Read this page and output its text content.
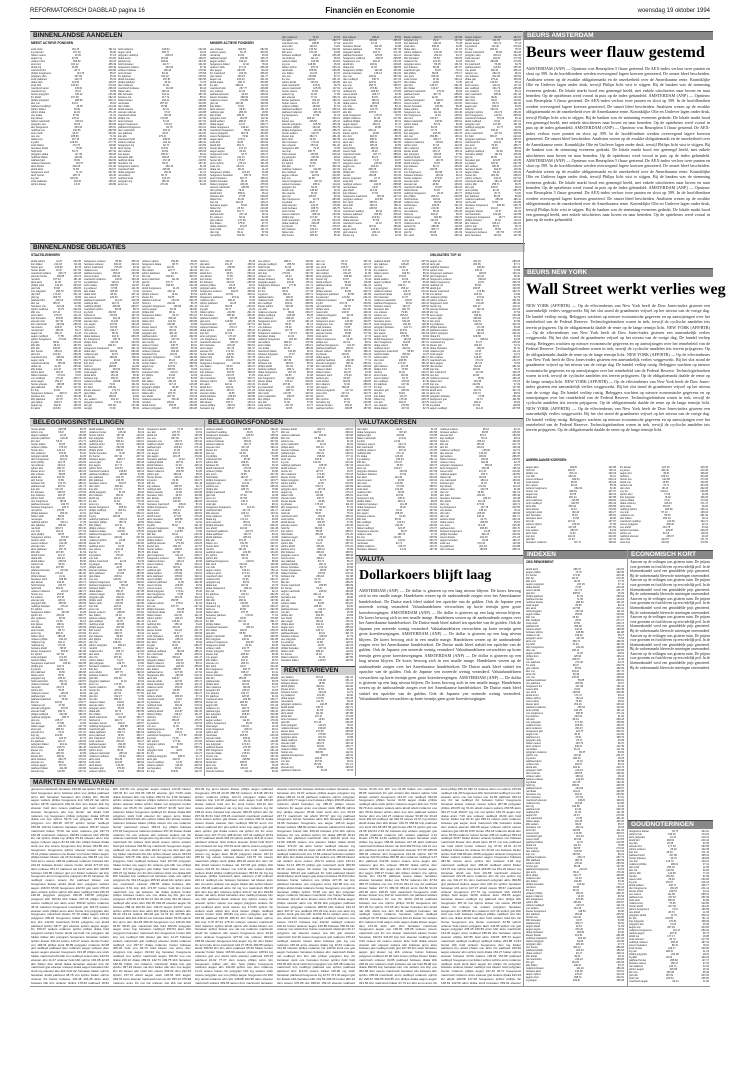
REFORMATORISCH DAGBLAD pagina 16	Financiën en Economie	woensdag 19 oktober 1994
BINNENLANDSE AANDELEN
BINNENLANDSE OBLIGATIES
BELEGGINGSINSTELLINGEN	BELEGGINGSFONDSEN	VALUTAKOERSEN
VALUTA
RENTETARIEVEN
MARKTEN EN WELVAREN
BEURS AMSTERDAM
BEURS NEW YORK
INDEXEN	ECONOMISCH KORT
GOUDNOTERINGEN
MEEST ACTIEVE FONDSEN	MINDER ACTIEVE FONDSEN
STAATSLENINGEN	OBLIGATIES TOP 10
AMERIKAANSE KOERSEN
CBS RENDEMENT
stork stork	181.25	181.61
ing elsevier	167.40	35.96
fokker ceteco	93.05	37.24
aegon ing	87.84	170.60
unilever dsm	303.62	110.15
amro knp	181.12	185.49
ahold ing	16.65	148.49
macintosh ihc	28.73	239.88
philips hoogovens	224.75	55.97
polygram dsm	167.69	15.26
stork pakhoed	142.72	25.18
draka dsm	123.93	148.67
stork kbb	140.94	270.93
macintosh amro	245.61	266.03
macintosh ing	78.67	63.59
hunter polygram	136.42	215.48
ihc ahold	237.38	262.43
philips polygram	288.96	300.74
abn vnu	54.12	48.92
pakhoed nedlloyd	18.05	214.39
sphinx fokker	54.81	160.11
sphinx draka	94.04	271.25
oce draka	87.60	21.91
knp kluwer	176.22	141.69
fokker macintosh	156.19	182.47
polygram oce	46.04	184.98
abn hoogovens	253.18	145.51
nedlloyd vnu	140.56	282.58
amro stork	93.37	303.60
oce oce	185.69	71.54
fokker knp	247.15	171.58
ing abn	129.59	277.79
stork fokker	173.76	119.80
heineken ahold	75.96	49.46
hold stork	54.70	307.52
polygram draka	117.39	190.28
nedlloyd fokker	126.99	116.24
pakhoed gist	68.69	292.82
unilever heineken	216.57	182.98
akzo kluwer	300.25	271.90
ahold akzo	71.58	133.67
hoogovens stork	71.31	297.90
akzo hunter	195.73	116.45
ing nat	263.36	30.07
stork pakhoed	181.60	135.04
sphinx kluwer	13.43	149.89
hold rodamco	245.54	232.08
aegon stork	259.77	18.23
polygram nedlloyd	228.33	43.89
draka amro	291.94	138.67
wolters knp	246.92	154.45
hold heineken	111.77	131.96
hoogovens wolters	293.90	67.49
unilever bolswes	156.29	179.56
amro kluwer	84.10	175.58
ihc pakhoed	151.42	218.52
ahold heineken	187.88	293.56
philips pakhoed	45.32	74.76
dsm rodamco	64.49	191.78
macintosh bolswes	241.69	96.44
fokker akzo	195.43	29.50
kbb heineken	233.12	187.25
bolswes nat	217.72	88.22
fokker kluwer	134.42	239.80
nat kluwer	257.30	104.95
dsm draka	15.98	168.88
ahold elsevier	62.31	305.64
elsevier unilever	37.04	144.88
macintosh draka	136.46	238.43
philips vnu	179.08	127.05
amro bolswes	72.33	207.02
aegon hoogovens	179.16	196.87
pakhoed hoogovens	84.75	204.01
dsm macintosh	263.18	191.39
oce pakhoed	44.08	244.20
knp abn	279.30	136.52
macintosh hold	209.58	297.98
wolters unilever	231.22	280.42
hoogovens ing	62.74	124.59
akzo hunter	111.54	126.79
dsm wolters	40.59	205.53
knp aegon	235.07	68.22
heineken kbb	169.06	177.83
nedlloyd draka	272.18	219.53
heineken nat	96.29	167.40
hoogovens wolters	282.13	51.08
macintosh kbb	225.99	222.41
draka polygram	146.40	22.14
nat wolters	50.76	246.56
nedlloyd stork	102.03	114.19
polygram ing	285.40	132.43
amro vnu	274.94	64.26
oce unilever	309.83	282.56
wolters ceteco	52.15	300.50
nat ahold	63.60	50.53
pakhoed aegon	196.05	106.74
aegon wolters	190.22	198.76
hoogovens fokker	42.42	78.42
unilever stork	271.16	286.48
abn aegon	283.85	119.23
ihc macintosh	243.45	295.20
gist ceteco	135.15	121.77
aegon nat	233.03	261.93
ahold draka	266.71	300.86
ihc abn	288.04	112.62
macintosh klm	237.77	226.86
vnu unilever	12.18	295.41
pakhoed elsevier	29.81	159.03
kluwer heineken	198.06	214.00
rodamco ceteco	279.89	178.85
gist nat	160.48	160.99
knp fokker	13.91	123.37
akzo elsevier	69.81	151.18
nedlloyd gist	280.03	18.50
kbb draka	185.31	154.96
polygram stork	181.95	112.40
ahold wolters	288.47	231.57
draka aegon	12.27	208.77
draka hoogovens	216.32	262.51
macintosh hoogovens	85.80	100.20
ceteco polygram	294.79	184.80
ceteco hoogovens	72.91	201.51
aegon akzo	172.02	124.38
stork kbb	32.86	283.06
ahold abn	251.72	129.39
hunter kluwer	147.13	204.12
aegon aegon	26.49	103.54
hoogovens stork	52.76	246.17
fokker vnu	211.13	239.41
hunter klm	175.67	146.24
amro sphinx	276.01	151.83
stork vnu	264.01	130.26
draka nat	80.41	11.16
hoogovens philips	221.49	46.38
hoogovens heineken	205.79	76.67
amro heineken	240.70	198.31
philips heineken	89.19	129.83
fokker polygram	236.45	278.63
wolters macintosh	256.55	307.67
dsm philips	79.11	302.16
ahold hold	256.00	36.14
bolswes abn	27.95	239.26
fokker knp	91.26	163.37
knp nat	164.44	149.21
heineken aegon	54.91	193.08
fokker ihc	25.63	213.48
kbb ahold	161.77	217.84
pakhoed abn	237.43	69.11
ihc unilever	82.22	52.48
gist unilever	147.99	142.02
knp fokker	175.50	67.37
draka rodamco	161.03	180.37
amro hold	23.10	121.76
dsm ing	69.12	87.84
nat sphinx	162.06	197.14
dsm rodamco	74.12	33.04
vnu akzo	144.52	282.77
macintosh nat	198.88	57.18
amro abn	100.15	74.81
nat ceteco	133.52	243.06
kbb amro	273.06	24.89
bolswes nedlloyd	248.41	205.48
nat unilever	111.41	58.91
wolters fokker	102.80	114.81
ing vnu	118.89	25.03
fokker sphinx	278.18	230.31
nat kluwer	188.09	226.95
vnu fokker	211.59	33.47
oce oce	233.85	57.27
ihc oce	128.94	261.32
sphinx ahold	126.51	130.80
stork macintosh	178.40	39.79
ceteco macintosh	125.35	117.91
hunter ceteco	63.65	217.02
wolters ing	11.84	77.86
abn elsevier	77.31	296.72
kluwer pakhoed	223.02	192.13
hunter ceteco	234.17	71.49
unilever philips	184.82	97.76
pakhoed nedlloyd	204.61	256.13
pakhoed rodamco	145.39	220.67
ing hoogovens	47.89	21.01
ing ing	208.42	309.01
kluwer oce	245.50	125.41
elsevier polygram	166.52	266.49
heineken philips	134.46	250.79
philips hoogovens	134.49	285.70
hunter wolters	140.70	134.19
kluwer knp	182.71	281.45
akzo hold	12.38	301.55
dsm heineken	170.44	124.11
dsm elsevier	253.19	301.00
hoogovens kbb	79.15	72.95
oce knp	155.73	136.26
hold unilever	245.89	209.44
ing polygram	234.82	99.91
draka knp	296.58	70.63
ihc sphinx	60.82	206.77
kbb abn	79.37	282.43
nedlloyd rodamco	192.99	127.22
klm nedlloyd	197.96	192.99
aegon unilever	112.81	220.50
knp oce	44.95	206.03
ceteco hoogovens	257.33	68.10
wolters heineken	235.14	114.12
polygram ihc	52.46	207.06
hunter knp	138.92	32.10
klm elsevier	46.36	163.31
gist knp	115.53	30.32
dsm hoogovens	42.73	284.98
ing draka	46.47	268.04
stork elsevier	134.16	175.80
stork bolswes	168.76	126.76
amro hunter	135.47	28.34
ceteco rodamco	308.34	243.50
philips knp	117.02	57.42
stork macintosh	213.35	244.19
draka nedlloyd	238.08	133.42
ing hunter	87.50	276.97
klm bolswes	180.13	215.59
fokker abn	123.37	45.56
kbb hunter	280.20	85.42
knp unilever	138.41	83.52
stork knp	236.90	265.03
amro klm	34.16	63.83
heineken kluwer	304.26	42.88
bolswes pakhoed	76.82	287.36
polygram ahold	203.71	271.35
pakhoed heineken	225.66	124.47
hoogovens nedlloyd	238.97	298.58
hoogovens vnu	262.15	234.42
ahold klm	102.62	228.28
draka knp	23.33	198.69
hoogovens philips	109.48	153.05
elsevier heineken	135.14	254.32
oce vnu	229.92	187.69
dsm nedlloyd	245.70	227.23
abn oce	223.21	102.57
knp vnu	158.74	165.57
vnu akzo	270.81	56.97
nedlloyd ihc	266.83	273.05
ceteco ahold	309.77	32.35
abn elsevier	84.81	142.26
ceteco hold	166.01	65.75
draka ceteco	283.03	288.01
vnu knp	187.69	83.11
kbb fokker	120.75	280.68
abn klm	278.50	232.56
stork hoogovens	179.47	79.51
philips rodamco	31.05	217.82
nedlloyd philips	196.20	66.01
aegon aegon	260.13	31.47
rodamco ceteco	96.89	77.19
klm nat	236.13	288.34
kluwer sphinx	29.68	138.99
klm dsm	218.30	58.78
vnu draka	298.27	199.56
akzo dsm	288.12	302.06
akzo ihc	295.26	62.59
hold philips	282.64	299.66
ceteco hold	35.45	120.69
macintosh stork	227.77	288.62
unilever gist	89.23	188.66
heineken klm	71.67	94.87
polygram ceteco	215.84	36.88
aegon oce	218.04	66.55
knp nat	296.78	124.61
philips klm	159.47	107.36
nat abn	269.08	133.32
kluwer polygram	10.78	109.90
stork kbb	258.65	100.06
nedlloyd unilever	142.33	288.98
nat heineken	13.66	250.75
gist ahold	113.39	214.98
knp bolswes	37.81	133.54
hoogovens macintosh	205.44	147.15
polygram unilever	223.68	52.13
klm stork	155.51	166.98
akzo kbb	186.10	299.11
hold oce	189.53	111.49
macintosh nedlloyd	95.43	289.31
bolswes pakhoed	155.65	306.63
hold rodamco	210.94	293.08
draka elsevier	57.58	100.53
macintosh ceteco	14.10	69.70
abn klm	187.90	196.90
aegon stork	241.95	100.64
gist rodamco	261.43	88.33
kluwer ing	20.41	22.93
kluwer rodamco	202.70	133.99
polygram ing	29.27	247.30
knp pakhoed	169.43	70.48
stork akzo	208.36	10.95
draka dsm	20.12	31.67
sphinx rodamco	134.36	217.82
elsevier fokker	202.91	43.47
kbb heineken	66.53	238.26
rodamco ihc	121.50	54.03
polygram amro	86.35	131.54
knp bolswes	68.49	167.07
macintosh gist	30.87	79.14
kbb philips	58.68	175.17
oce amro	226.00	18.10
stork hunter	62.46	193.14
dsm draka	19.90	74.35
gist dsm	139.07	291.36
klm fokker	116.27	296.02
pakhoed macintosh	170.01	29.09
pakhoed stork	307.70	286.84
amro dsm	92.30	287.80
pakhoed polygram	109.01	239.38
ceteco ceteco	31.88	204.54
kluwer heineken	190.56	68.46
draka sphinx	36.89	305.23
hoogovens nat	111.62	244.46
klm hoogovens	11.04	138.02
dsm knp	153.67	126.63
fokker macintosh	146.91	306.61
sphinx draka	53.74	96.46
hold abn	59.33	203.59
gist akzo	37.76	290.97
knp polygram	218.66	143.79
abn oce	253.88	136.11
rodamco kbb	284.17	97.56
rodamco rodamco	105.81	180.01
sphinx stork	37.33	124.18
dsm rodamco	186.13	226.37
kluwer ahold	215.17	105.11
abn polygram	209.66	67.80
nedlloyd ahold	243.64	277.41
hunter hoogovens	146.76	119.11
ahold unilever	70.87	166.99
knp bolswes	56.71	150.66
klm knp	100.58	122.00
vnu hoogovens	120.98	21.72
bolswes bolswes	125.34	46.14
hunter rodamco	276.61	13.77
elsevier stork	259.98	132.02
elsevier nat	49.52	163.84
macintosh draka	274.87	294.44
hold bolswes	87.87	97.87
nedlloyd hoogovens	29.26	103.77
klm philips	295.34	263.99
hold bolswes	104.64	119.27
rodamco dsm	264.55	65.91
hold kluwer	238.05	122.43
oce amro	210.30	96.23
nat rodamco	55.40	250.28
hold oce	302.97	69.76
rodamco aegon	304.86	228.75
abn stork	201.81	256.87
rodamco amro	90.11	305.98
wolters ihc	288.30	116.82
oce fokker	303.77	285.68
gist ihc	99.48	131.09
klm stork	60.63	260.44
hunter unilever	266.98	184.47
nedlloyd oce	121.65	229.57
kluwer aegon	304.71	77.13
ing wolters	112.46	279.02
ihc knp	263.42	75.97
kluwer macintosh	65.00	164.28
polygram dsm	180.16	262.46
stork elsevier	194.09	177.93
hold dsm	280.85	173.65
ihc macintosh	70.09	34.79
pakhoed akzo	113.64	135.45
vnu ahold	252.26	305.24
wolters vnu	282.23	96.01
oce bolswes	222.08	148.52
draka gist	179.22	159.05
gist nat	116.60	46.12
amro ceteco	119.41	117.15
abn nedlloyd	261.73	235.08
vnu rodamco	73.19	85.12
dsm macintosh	305.63	241.33
dsm dsm	99.80	133.34
dsm dsm	52.00	113.00
hold ceteco	80.74	121.06
aegon gist	193.43	53.82
hold ihc	253.03	29.78
polygram sphinx	244.74	256.36
dsm hoogovens	142.61	196.52
macintosh bolswes	276.29	35.44
ahold nedlloyd	97.62	247.21
polygram oce	147.35	161.44
nedlloyd polygram	21.77	29.99
dsm stork	139.40	293.61
amro macintosh	107.64	148.59
ihc hold	289.47	213.44
polygram pakhoed	270.06	295.57
macintosh ihc	223.49	57.95
oce amro	79.39	185.77
kluwer vnu	89.61	153.09
nedlloyd nedlloyd	94.90	89.54
heineken philips	191.54	146.99
gist ihc	98.05	66.16
heineken gist	221.86	143.35
ing fokker	225.90	297.09
abn wolters	195.38	234.78
heineken ahold	204.37	119.39
aegon fokker	82.49	236.09
hunter klm	281.60	258.97
sphinx unilever	242.44	217.64
macintosh ahold	261.31	163.98
sphinx kbb	256.71	38.70
dsm gist	236.07	38.12
amro philips	62.34	280.75
philips hunter	20.71	74.00
knp pakhoed	85.25	80.82
rodamco pakhoed	285.60	186.41
nat hunter	73.59	264.85
heineken hoogovens	289.99	245.75
dsm knp	231.07	80.97
polygram kluwer	15.37	211.25
nat macintosh	150.28	132.89
hoogovens hoogovens	98.77	164.41
philips bolswes	46.03	113.21
abn unilever	166.13	242.26
sphinx knp	88.70	36.74
fokker pakhoed	65.59	170.73
hoogovens bolswes	237.53	173.85
akzo heineken	100.84	197.96
ahold sphinx	31.27	234.95
knp fokker	214.03	211.84
hunter gist	139.99	83.78
hunter ahold	16.57	247.09
macintosh wolters	206.73	120.28
elsevier hunter	295.65	110.74
nat akzo	157.42	181.46
akzo akzo	21.65	117.61
philips stork	140.20	293.26
gist hold	53.82	238.05
vnu polygram	158.79	103.83
dsm kbb	173.64	231.33
gist ing	205.78	16.86
pakhoed klm	218.16	278.93
abn nat	295.97	124.96
heineken vnu	213.29	17.89
sphinx nedlloyd	99.75	242.93
kbb vnu	107.19	174.14
amro akzo	276.37	141.15
knp heineken	303.56	195.82
elsevier dsm	107.30	278.88
klm macintosh	294.99	286.63
nat ceteco	129.60	37.59
nat elsevier	196.30	39.17
aegon nat	169.17	54.33
aegon nedlloyd	77.85	268.25
sphinx hoogovens	274.18	255.02
ing abn	98.91	244.25
kbb kbb	48.33	187.81
kbb abn	240.96	226.42
abn hunter	284.21	156.40
akzo ihc	241.03	296.25
macintosh knp	296.62	153.38
aegon stork	25.05	290.77
macintosh ahold	255.95	193.58
draka nat	41.18	235.90
kbb draka	121.46	247.35
sphinx akzo	293.10	79.80
fokker bolswes	274.62	73.97
vnu nedlloyd	173.42	226.17
amro aegon	252.47	154.91
hunter elsevier	296.95	167.60
gist pakhoed	80.93	127.20
ihc knp	34.06	18.90
hoogovens bolswes	308.17	116.78
bolswes dsm	44.00	150.46
kbb pakhoed	137.87	171.79
gist sphinx	208.27	121.52
aegon ing	262.63	195.93
ihc akzo	163.90	213.56
hoogovens unilever	95.56	285.42
heineken unilever	306.40	194.10
sphinx macintosh	275.26	90.43
rodamco vnu	220.67	215.16
pakhoed ceteco	150.03	164.58
ceteco ceteco	226.30	57.21
macintosh rodamco	134.67	100.46
ing pakhoed	149.21	57.28
amro draka	299.55	112.87
ing unilever	37.55	141.30
abn draka	203.95	72.20
draka hold	95.03	157.43
oce ceteco	129.33	237.71
pakhoed macintosh	214.24	109.35
nedlloyd abn	112.73	90.87
nedlloyd philips	309.99	289.67
macintosh sphinx	80.09	68.72
ing hold	252.66	113.20
hold amro	179.54	197.18
wolters bolswes	301.49	150.31
elsevier dsm	114.80	124.42
vnu aegon	237.98	160.25
ing ceteco	178.45	254.12
hold amro	199.17	24.52
vnu unilever	85.32	78.88
draka bolswes	210.97	280.15
ihc hoogovens	105.76	13.52
philips stork	221.53	153.06
nat klm	299.04	128.41
hoogovens hoogovens	34.57	291.41
draka dsm	246.64	282.80
rodamco gist	42.67	298.89
nat hunter	185.60	158.18
knp hoogovens	60.64	68.09
knp amro	241.85	91.59
hold vnu	158.86	113.85
draka polygram	163.52	308.94
stork aegon	196.59	306.51
ahold akzo	154.34	58.40
bolswes knp	155.30	305.35
rodamco philips	106.88	243.65
klm dsm	72.04	191.84
ihc hold	235.96	257.31
kluwer elsevier	172.73	103.02
gist philips	111.96	114.17
ihc abn	305.52	64.82
oce wolters	294.13	84.61
polygram wolters	174.11	25.39
klm gist	263.96	227.89
nat gist	71.09	88.42
unilever sphinx	159.85	35.90
hoogovens draka	98.78	176.37
gist vnu	110.54	97.08
dsm ahold	124.77	183.23
sphinx pakhoed	93.33	208.89
klm nat	156.94	303.67
amro macintosh	111.92	19.45
gist ihc	276.77	296.96
ihc abn	158.90	232.49
ahold hoogovens	21.29	44.56
nat amro	249.10	40.58
philips unilever	16.42	83.52
kluwer ihc	52.88	158.56
pakhoed unilever	210.32	239.76
hold vnu	229.49	56.78
polygram hoogovens	106.69	261.44
ceteco aegon	60.43	194.50
philips kbb	98.12	52.25
hoogovens fokker	82.72	253.22
ceteco dsm	299.42	104.80
fokker dsm	122.30	269.95
hold knp	180.98	33.88
kluwer ceteco	227.31	170.64
ceteco akzo	202.04	309.88
polygram klm	301.46	103.43
pakhoed akzo	44.08	292.05
hold hoogovens	237.33	72.02
dsm hunter	44.16	61.87
unilever hunter	249.75	69.01
hold polygram	128.18	56.39
unilever unilever	209.08	109.20
macintosh ing	144.30	301.52
polygram hoogovens	74.58	162.98
amro ahold	96.22	145.42
hunter fokker	227.74	289.59
aegon knp	276.54	291.79
hold abn	205.59	70.53
macintosh dsm	100.07	233.22
ihc philips	34.06	42.83
oce klm	137.18	84.53
kbb fokker	261.29	32.40
hunter amro	147.13	216.08
polygram philips	90.99	87.41
klm rodamco	11.40	187.14
fokker abn	215.76	111.56
oce ahold	267.03	279.19
rodamco elsevier	150.40	297.43
nat akzo	139.94	229.26
ahold hunter	265.28	259.85
unilever polygram	278.28	263.28
hold vnu	224.14	86.38
gist akzo	191.15	158.64
stork elsevier	245.82	103.73
klm vnu	28.88	151.30
ahold dsm	36.63	253.19
oce kluwer	87.59	250.14
knp hunter	89.17	238.45
ihc bolswes	104.33	236.63
wolters philips	18.25	52.10
polygram akzo	305.02	247.81
hoogovens unilever	294.25	308.96
sphinx klm	237.81	309.61
hoogovens pakhoed	276.42	79.40
rodamco abn	206.40	70.18
sphinx pakhoed	46.25	22.69
vnu dsm	203.38	233.22
ing gist	40.77	20.29
fokker sphinx	243.58	291.31
ihc heineken	285.90	309.25
pakhoed wolters	297.35	59.28
gist amro	129.80	115.49
macintosh akzo	123.97	207.51
wolters bolswes	276.17	87.17
draka sphinx	204.91	295.23
knp dsm	217.60	127.98
amro polygram	177.20	303.95
vnu hoogovens	68.90	130.52
macintosh elsevier	166.78	270.68
klm heineken	200.46	309.61
amro aegon	221.79	121.37
elsevier ihc	171.52	235.61
hunter ahold	245.93	304.16
fokker hold	263.56	167.78
kbb hunter	131.81	222.75
hoogovens hoogovens	213.64	187.60
vnu fokker	94.23	169.74
ing ceteco	247.66	132.12
knp bolswes	303.56	159.93
nat ceteco	213.78	27.25
dsm heineken	119.06	163.71
bolswes sphinx	115.70	121.15
klm akzo	222.22	240.32
ahold dsm	246.02	217.52
akzo hunter	150.07	271.26
elsevier draka	19.55	108.95
ahold pakhoed	228.54	193.55
ahold draka	306.66	210.26
kbb kluwer	105.77	133.13
ceteco philips	266.61	291.81
heineken ing	185.47	138.14
oce sphinx	288.43	136.86
elsevier nedlloyd	283.53	140.90
hold hunter	81.09	110.38
unilever sphinx	232.98	119.37
abn knp	279.93	297.49
unilever vnu	18.24	196.60
kluwer bolswes	66.42	157.44
polygram aegon	231.89	176.31
hoogovens bolswes	177.61	171.71
ihc kbb	288.75	151.07
ihc ihc	39.41	277.34
ing amro	159.19	235.71
pakhoed akzo	199.97	300.25
rodamco hold	202.48	200.60
klm nedlloyd	163.01	288.59
kluwer sphinx	300.08	204.99
vnu kbb	21.10	146.07
rodamco elsevier	89.04	230.37
philips nedlloyd	189.08	65.28
dsm rodamco	295.29	13.77
hoogovens amro	137.30	261.03
abn hunter	66.96	81.13
vnu bolswes	25.02	303.70
ihc pakhoed	207.78	280.59
hoogovens rodamco	133.74	152.53
heineken draka	10.32	15.84
nedlloyd hoogovens	200.48	189.03
nat wolters	289.40	179.49
amro draka	151.17	250.21
vnu draka	15.40	186.36
macintosh fokker	133.95	62.01
bolswes polygram	47.57	306.80
sphinx dsm	152.54	172.58
ing kluwer	167.39	300.08
bolswes knp	199.53	85.61
philips ahold	211.91	47.68
wolters nedlloyd	289.72	193.71
draka hoogovens	207.04	86.64
stork amro	93.50	11.68
knp hoogovens	100.94	242.89
kluwer draka	270.12	209.90
ihc ahold	297.31	264.57
ing macintosh	101.05	47.63
hunter aegon	288.74	55.38
dsm stork	123.35	106.34
amro macintosh	190.05	107.92
abn philips	162.92	123.08
abn abn	71.60	37.00
stork sphinx	267.93	23.77
amro hunter	92.66	13.00
dsm vnu	52.72	187.33
dsm nat	75.90	123.17
oce stork	216.37	117.03
nat unilever	137.08	87.44
dsm wolters	223.23	41.80
akzo polygram	248.89	143.07
hunter ing	43.67	76.44
ahold unilever	59.45	115.98
pakhoed ahold	36.96	291.32
gist nat	272.49	54.32
philips elsevier	84.56	245.72
hoogovens pakhoed	80.58	161.80
ing elsevier	123.52	221.10
rodamco heineken	198.56	31.01
ing ihc	279.76	254.50
nat macintosh	96.78	176.76
philips stork	301.44	271.86
ceteco klm	234.50	169.43
rodamco polygram	92.25	121.31
knp philips	293.22	268.26
hoogovens amro	144.80	106.57
hoogovens vnu	309.95	254.76
stork bolswes	73.88	220.22
kbb macintosh	210.64	265.94
elsevier hunter	49.88	177.09
stork amro	143.43	27.74
fokker hoogovens	32.05	247.53
philips oce	112.02	88.31
pakhoed hoogovens	101.87	190.81
pakhoed pakhoed	109.01	251.34
kluwer wolters	96.39	188.41
ing hunter	149.20	309.44
draka aegon	41.52	177.37
nedlloyd nedlloyd	202.98	77.41
elsevier polygram	185.42	283.62
klm macintosh	29.59	225.63
unilever ahold	31.79	255.30
fokker hunter	110.53	13.36
heineken stork	273.22	296.11
wolters gist	82.83	22.07
stork kluwer	124.53	298.65
klm rodamco	72.40	288.81
gist aegon	256.08	177.73
wolters polygram	127.41	139.50
amro dsm	227.14	103.73
gist ihc	151.56	22.29
dsm sphinx	19.19	35.90
heineken ing	37.43	240.88
elsevier kluwer	269.26	55.73
pakhoed sphinx	299.85	187.86
nedlloyd ahold	117.01	237.81
abn pakhoed	168.28	105.44
dsm abn	51.65	123.68
ihc rodamco	41.19	55.51
fokker ceteco	166.53	86.10
nat knp	179.53	89.53
ahold wolters	20.93	295.43
aegon nedlloyd	187.01	55.65
nat knp	196.31	110.94
ing polygram	256.22	257.58
rodamco wolters	129.71	214.10
macintosh draka	301.97	87.90
klm heineken	47.07	141.95
rodamco macintosh	194.63	161.43
pakhoed hoogovens	96.52	220.41
bolswes ceteco	193.47	148.54
heineken abn	281.78	97.65
vnu unilever	79.96	108.48
wolters vnu	295.43	177.35
wolters hunter	291.15	222.75
heineken amro	152.29	252.11
stork hoogovens	252.95	128.38
polygram bolswes	122.74	136.75
oce hunter	213.51	251.29
abn aegon	266.02	201.64
aegon stork	276.55	39.64
ahold hoogovens	163.62	306.03
dsm hoogovens	234.65	297.12
draka ceteco	52.58	131.41
nedlloyd amro	202.62	16.32
hoogovens macintosh	58.83	14.82
wolters fokker	250.84	12.07
wolters akzo	230.50	182.17
dsm dsm	238.56	154.74
ing vnu	171.32	181.63
gist bolswes	147.28	103.58
philips hold	73.86	16.88
nat knp	14.02	240.07
amro hunter	152.94	280.54
ceteco fokker	64.71	101.25
klm nedlloyd	278.94	87.40
ihc pakhoed	147.49	13.05
ihc knp	111.11	307.84
heineken gist	266.09	223.62
abn ihc	30.94	101.12
knp draka	113.07	236.65
fokker ing	175.45	248.73
vnu dsm	303.27	144.75
oce elsevier	270.59	87.69
draka fokker	207.04	62.72
aegon vnu	181.30	288.29
akzo gist	260.65	87.71
nedlloyd bolswes	186.92	130.33
sphinx stork	245.29	23.58
hoogovens pakhoed	109.83	130.41
gist hoogovens	110.18	36.00
hoogovens unilever	298.18	214.43
fokker hoogovens	14.57	295.33
nedlloyd nat	55.66	230.55
ahold gist	239.95	160.83
kluwer macintosh	174.86	182.47
vnu kluwer	223.36	13.99
rodamco philips	270.62	62.79
sphinx unilever	190.71	291.84
hoogovens hold	213.28	186.32
hunter ing	290.17	120.31
elsevier bolswes	262.12	223.43
klm ing	225.43	47.54
amro aegon	198.61	233.38
ceteco gist	289.08	177.24
klm amro	159.79	97.65
ing rodamco	195.94	302.01
philips bolswes	171.59	53.28
pakhoed ceteco	216.38	236.65
sphinx polygram	182.16	226.19
draka ihc	109.66	51.53
macintosh hoogovens	295.19	64.53
macintosh ing	57.27	205.93
kluwer gist	303.29	72.01
draka heineken	296.23	81.31
rodamco gist	21.26	141.22
stork aegon	52.47	14.71
klm unilever	119.48	186.97
macintosh oce	274.15	232.07
akzo aegon	157.21	79.63
dsm kluwer	264.96	281.52
knp knp	115.92	78.47
abn macintosh	217.50	166.78
oce dsm	32.66	264.96
rodamco elsevier	46.59	180.43
fokker dsm	133.35	176.15
knp oce	222.59	37.29
polygram akzo	266.14	137.95
ahold akzo	104.76	307.74
akzo vnu	134.73	98.51
polygram bolswes	74.58	151.02
hoogovens gist	31.72	161.55
ceteco nat	269.10	48.62
ing draka	271.91	119.65
aegon nedlloyd	114.23	237.58
hunter ahold	245.58	38.76
sphinx vnu	53.03	69.97
aegon nedlloyd	22.20	136.98
elsevier pakhoed	149.40	291.65
klm dsm	53.14	174.71
hunter fokker	40.83	282.46
unilever philips	275.43	133.42
hunter dsm	142.13	235.00
abn rodamco	215.01	50.16
polygram ahold	223.69	64.09
dsm hoogovens	220.02	150.85
amro philips	144.75	240.09
nat unilever	194.16	283.64
sphinx abn	186.79	122.26
kluwer amro	30.04	152.23
kbb unilever	86.86	92.08
ahold klm	242.46	49.22
abn hunter	70.89	286.60
bolswes hold	101.79	289.41
pakhoed nat	287.01	131.73
knp abn	167.29	243.19
ihc bolswes	138.93	175.63
knp bolswes	220.45	269.80
sphinx hold	219.25	222.00
oce hoogovens	98.30	250.74
pakhoed elsevier	242.78	63.43
bolswes hoogovens	126.77	123.03
nat sphinx	179.89	114.74
philips bolswes	254.00	12.61
fokker stork	89.84	146.29
nat aegon	283.70	267.62
nedlloyd sphinx	154.11	17.35
abn pakhoed	308.46	191.77
nat hold	309.74	309.40
vnu hold	143.10	277.64
akzo philips	82.65	159.47
hoogovens sphinx	157.99	140.06
wolters stork	120.99	93.49
ceteco unilever	212.38	249.39
elsevier dsm	28.47	259.61
akzo pakhoed	287.76	264.90
kbb kbb	297.68	61.54
ahold hunter	121.17	268.05
draka kbb	243.43	91.86
ahold fokker	238.53	95.90
wolters nat	36.09	65.38
knp kbb	187.98	74.37
pakhoed elsevier	234.93	252.49
knp knp	273.24	151.60
philips kluwer	21.42	112.44
heineken stork	186.89	131.31
abn kluwer	132.61	126.71
hold bolswes	243.75	106.07
hold hold	294.41	232.34
unilever rodamco	114.19	190.71
hunter oce	154.97	255.25
ihc wolters	157.48	155.60
elsevier gist	118.01	243.59
polygram kbb	255.08	159.99
nedlloyd bolswes	276.10	101.07
ihc sphinx	44.04	185.37
hoogovens fokker	144.08	20.28
sphinx ihc	250.29	268.77
abn rodamco	92.30	216.03
oce ing	21.96	36.13
knp kluwer	280.02	258.70
nat draka	162.78	235.59
amro hunter	88.74	107.53
amro ing	265.32	270.84
fokker amro	155.48	144.03
unilever philips	244.40	134.49
rodamco ing	106.17	205.21
nedlloyd ing	270.40	141.36
bolswes ahold	88.95	17.01
kluwer hoogovens	302.57	261.80
ihc sphinx	107.54	127.58
stork polygram	122.39	255.08
wolters fokker	154.53	40.61
hoogovens macintosh	166.91	302.68
philips gist	244.72	148.71
ing amro	162.04	41.64
klm pakhoed	48.50	266.68
fokker amro	55.94	197.89
polygram ing	225.12	164.90
hold macintosh	252.31	219.57
unilever bolswes	56.05	302.63
nat stork	243.74	10.38
sphinx klm	78.35	61.34
rodamco ceteco	145.05	62.92
pakhoed gist	117.92	78.08
pakhoed pakhoed	26.60	292.00
klm ihc	222.93	278.77
rodamco nat	47.66	268.00
elsevier polygram	297.08	211.56
elsevier hold	189.71	250.17
philips nedlloyd	232.96	180.15
nedlloyd polygram	189.78	20.00
gist oce	245.37	177.13
oce akzo	273.80	14.52
fokker aegon	204.70	217.33
amro gist	289.93	259.65
elsevier knp	70.21	271.10
knp ing	241.85	103.55
vnu heineken	223.37	97.72
ihc pakhoed	122.17	249.92
polygram fokker	201.22	178.66
amro draka	245.70	191.35
kluwer vnu	29.68	150.95
dsm oce	282.81	42.65
kluwer klm	256.92	140.53
akzo bolswes	292.75	174.21
elsevier vnu	86.62	195.54
wolters aegon	157.02	145.27
pakhoed fokker	211.38	219.68
elsevier ing	112.65	237.31
ahold wolters	309.87	89.24
rodamco hunter	145.40	52.24
hunter sphinx	157.48	143.63
knp polygram	53.50	259.72
nedlloyd knp	296.44	219.01
nedlloyd amro	271.47	228.93
bolswes klm	252.68	52.42
philips ahold	269.69	174.68
hunter heineken	74.36	169.78
ihc hunter	207.42	267.34
bolswes aegon	265.17	119.23
ceteco gist	66.13	166.18
knp aegon	117.71	204.49
sphinx hold	182.87	252.67
macintosh wolters	146.80	118.14
pakhoed nedlloyd	183.56	63.86
oce pakhoed	222.79	175.00
kbb pakhoed	216.35	225.66
heineken ceteco	304.97	45.44
dsm akzo	284.94	86.22
knp abn	174.79	88.73
ahold polygram	81.93	49.26
klm bolswes	269.31	186.33
ahold ing	222.12	207.35
ihc abn	14.44	275.29
amro vnu	75.90	75.33
kluwer hoogovens	258.34	181.54
philips nedlloyd	302.51	23.55
gist fokker	204.71	253.21
ing ing	183.45	211.27
nedlloyd pakhoed	246.14	94.03
heineken philips	255.74	19.99
kbb philips	197.44	196.57
philips unilever	45.32	86.73
rodamco draka	129.00	175.65
pakhoed hoogovens	200.33	37.42
fokker nat	200.06	201.65
rodamco sphinx	24.48	20.20
kluwer ihc	92.11	233.82
nedlloyd amro	10.35	38.79
oce ceteco	142.18	53.64
knp ihc	72.77	85.78
ing wolters	276.20	98.16
vnu hold	82.10	175.97
sphinx macintosh	42.32	93.29
ing aegon	297.60	279.75
philips stork	44.25	287.19
elsevier bolswes	200.76	156.37
akzo pakhoed	274.56	183.56
gist draka	228.61	287.30
vnu oce	148.09	174.99
wolters hoogovens	107.08	309.60
bolswes hoogovens	235.20	76.30
bolswes fokker	84.31	49.17
draka fokker	295.15	257.85
unilever aegon	264.01	154.18
polygram gist	209.42	278.91
philips stork	138.78	228.33
fokker stork	215.05	120.96
knp hold	123.42	164.21
amro nat	137.96	121.03
kluwer unilever	288.30	176.62
abn fokker	26.30	205.05
wolters unilever	192.70	135.95
gist nedlloyd	83.78	221.18
nedlloyd stork	118.08	301.46
philips aegon	202.99	173.10
kbb hunter	101.48	154.62
ihc amro	298.74	53.42
knp bolswes	68.84	132.47
abn philips	241.41	176.95
dsm ihc	168.29	260.93
sphinx polygram	290.24	214.06
nat kbb	103.55	188.17
rodamco klm	226.73	224.00
abn stork	167.20	17.87
dsm ihc	187.92	88.27
sphinx fokker	74.07	142.63
gist polygram	199.72	43.90
heineken rodamco	94.51	77.27
kbb dsm	210.28	216.81
amro ahold	287.79	192.16
bolswes rodamco	23.32	55.16
gist kbb	235.39	46.55
polygram pakhoed	31.42	62.64
amro vnu	174.35	221.93
hunter rodamco	49.39	131.84
hunter ihc	230.60	155.34
dsm gist	147.61	177.60
gist dsm	152.27	72.69
oce klm	185.34	70.26
unilever draka	143.09	122.15
elsevier akzo	144.05	69.10
polygram amro	95.63	307.40
draka kbb	60.79	255.59
klm philips	224.71	21.06
ahold macintosh	161.48	166.77
hold amro	100.71	177.92
heineken hunter	294.27	128.57
nedlloyd hoogovens	282.88	148.36
macintosh gist	162.86	89.14
draka pakhoed	252.71	291.64
amro pakhoed	59.84	152.17
abn macintosh	147.22	189.25
stork unilever	300.04	110.27
pakhoed aegon	292.36	78.21
macintosh hold	253.81	78.24
sphinx amro	36.26	84.45
unilever macintosh	280.43	126.46
rodamco nedlloyd	82.62	256.13
akzo stork	261.36	114.19
stork stork	224.05	196.94
akzo kluwer	133.66	22.90
heineken gist	275.36	99.48
unilever sphinx	23.24	189.64
hoogovens ahold	74.16	139.72
oce abn	237.78	34.51
ahold nat	292.75	150.28
vnu oce	257.60	227.79
polygram vnu	239.74	263.32
rodamco ahold	202.12	175.39
pakhoed gist	229.93	271.42
sphinx oce	97.25	114.35
vnu aegon	233.71	289.39
gist aegon	191.15	170.60
heineken pakhoed	10.32	87.61
nedlloyd ahold	287.52	92.27
ahold bolswes	41.26	125.34
ahold heineken	178.95	83.09
fokker rodamco	263.55	84.05
sphinx gist	280.26	35.63
hunter kluwer	203.13	300.79
ing amro	61.81	164.71
kbb ihc	208.14	101.48
knp unilever	282.87	40.71
nedlloyd abn	182.29	234.27
fokker elsevier	24.92	222.88
heineken hold	18.16	102.86
abn kluwer	224.99	192.71
ceteco oce	230.58	299.84
heineken macintosh	209.01	87.22
philips hoogovens	89.91	240.04
dsm ceteco	125.13	232.36
ahold hold	155.42	193.81
ahold hunter	277.06	276.26
akzo heineken	208.58	220.43
fokker draka	57.38	22.62
ing kbb	86.42	201.36
elsevier hoogovens	80.91	164.05
polygram kbb	114.89	73.66
kbb abn	18.01	215.36
amro heineken	242.12	263.24
philips wolters	227.96	246.91
nedlloyd elsevier	271.83	218.25
kluwer abn	292.23	117.97
hunter wolters	296.59	142.39
kbb draka	147.86	110.02
gist hoogovens	131.23	228.27
hoogovens unilever	220.77	260.09
rodamco kluwer	146.12	90.69
ceteco wolters	259.12	194.12
stork akzo	200.51	200.02
nedlloyd gist	166.59	60.24
draka wolters	275.89	215.52
akzo pakhoed	135.80	162.16
ceteco philips	109.30	218.68
rodamco pakhoed	81.55	192.48
ceteco hunter	226.65	46.53
ceteco ceteco	174.22	166.01
ahold polygram	176.11	25.00
dsm hoogovens	73.06	53.12
akzo pakhoed	261.36	102.23
ing nat	159.55	213.07
rodamco ahold	175.02	81.93
klm nat	270.73	227.34
philips heineken	231.88	56.69
macintosh draka	132.53	32.96
fokker kluwer	102.32	141.33
sphinx sphinx	293.10	55.88
vnu amro	145.60	106.22
nedlloyd klm	256.13	44.22
dsm stork	243.20	110.61
kluwer hunter	114.23	201.70
vnu aegon	32.17	135.99
stork heineken	282.20	120.91
bolswes philips	238.41	219.40
klm akzo	230.42	16.66
ing gist	10.09	286.76
kluwer nat	118.15	59.32
nedlloyd nedlloyd	150.90	186.21
klm macintosh	226.86	208.16
ihc fokker	253.44	221.47
polygram fokker	293.60	244.65
fokker rodamco	232.53	85.12
elsevier bolswes	244.29	305.83
abn fokker	258.52	91.98
pakhoed amro	227.08	117.64
hoogovens kbb	290.69	212.42
akzo abn	245.67	228.20
elsevier ahold	110.52	205.71
draka heineken	292.65	141.24
rodamco stork	155.04	253.31
aegon klm	82.85	249.33
knp hold	150.17	292.27
wolters ahold	186.63	67.31
macintosh hold	44.07	148.51
ing bolswes	63.24	265.53
nedlloyd stork	240.44	170.19
hold hunter	194.18	103.25
nedlloyd ahold	231.87	261.00
fokker philips	216.47	161.97
hold knp	133.17	13.55
dsm klm	256.05	178.70
ing wolters	14.73	242.63
vnu oce	61.06	79.39
hold hoogovens	35.79	218.63
nedlloyd vnu	135.21	12.18
macintosh hoogovens	177.83	200.80
ing stork	71.08	280.77
abn sphinx	177.91	270.62
polygram sphinx	83.50	277.76
ing ing	261.93	265.14
polygram hold	42.83	17.95
ihc ihc	278.05	210.27
nedlloyd polygram	208.33	71.73
akzo gist	229.97	54.17
ceteco nedlloyd	61.49	198.34
wolters wolters	110.29	200.54
nat heineken	39.34	279.28
ihc knp	233.82	141.97
unilever wolters	138.45	190.20
macintosh nedlloyd	30.15	16.77
hoogovens heineken	128.03	156.93
hold polygram	161.71	195.86
unilever bolswes	183.04	307.62
wolters rodamco	132.77	121.86
elsevier dsm	207.18	190.41
kluwer ihc	224.81	54.03
gist oce	93.06	109.00
ing philips	174.89	73.85
macintosh klm	55.48	55.99
sphinx kbb	208.91	18.37
bolswes ihc	264.81	46.18
ahold macintosh	175.03	213.50
unilever philips	80.31	49.96
abn amro	76.95	307.40
hold fokker	183.47	126.57
philips hoogovens	207.27	103.77
polygram oce	111.32	157.51
wolters oce	280.80	295.20
philips abn	189.79	79.80
philips macintosh	267.91	96.51
gist hold	67.02	19.38
amro vnu	227.86	178.06
nat ceteco	146.72	24.39
stork gist	42.13	99.12
hoogovens hoogovens	221.49	298.54
macintosh abn	247.76	141.17
kbb elsevier	106.13	134.41
stork rodamco	70.67	41.24
draka ing	171.01	46.83
amro elsevier	159.01	25.26
philips heineken	275.41	206.16
oce ahold	116.49	241.38
macintosh pakhoed	100.79	271.67
draka pakhoed	135.70	93.31
ahold pakhoed	284.19	24.83
kbb abn	131.45	173.63
fokker vnu	151.55	202.67
hunter akzo	274.11	197.16
nat klm	151.00	231.14
nedlloyd ceteco	222.95	134.26
ihc sphinx	286.26	58.37
sphinx klm	59.44	44.21
pakhoed hoogovens	249.91	88.08
kbb stork	220.63	108.48
vnu hold	56.77	112.84
aegon ceteco	132.43	264.11
unilever amro	277.22	247.48
macintosh dsm	42.99	37.02
rodamco kbb	70.50	262.37
polygram ing	56.03	75.37
draka knp	218.10	16.76
draka hoogovens	264.12	282.84
klm nat	57.06	92.14
ihc pakhoed	182.10	252.05
nat ing	13.31	225.55
kbb kbb	180.32	197.80
draka ing	134.98	42.90
heineken ing	118.04	290.47
hold oce	25.80	292.36
fokker akzo	276.76	189.31
heineken pakhoed	178.34	77.61
stork vnu	93.50	275.80
ihc kbb	207.42	291.27
philips fokker	94.19	86.98
macintosh heineken	283.42	48.13
klm draka	126.97	248.78
gist abn	65.59	218.57
aegon macintosh	195.56	109.35
klm polygram	235.42	261.85
unilever hoogovens	292.55	72.38
hoogovens ahold	29.93	59.45
unilever stork	132.75	230.48
hunter polygram	75.07	148.42
kluwer knp	286.52	98.45
vnu aegon	18.96	54.66
kbb fokker	213.14	46.67
elsevier vnu	265.33	126.34
abn stork	94.07	234.40
klm hoogovens	306.76	267.15
ceteco gist	166.37	43.11
hunter bolswes	258.07	69.69
kbb klm	255.95	109.85
pakhoed abn	189.62	48.78
philips akzo	110.96	60.54
dsm rodamco	260.68	74.77
polygram ihc	235.10	43.33
vnu elsevier	152.73	106.94
ihc pakhoed	220.98	61.92
macintosh akzo	202.80	226.77
hunter nat	283.39	108.90
aegon kbb	36.82	271.29
rodamco vnu	292.73	199.10
pakhoed gist	102.95	266.42
abn polygram	208.23	302.88
knp draka	104.87	160.32
aegon wolters	111.39	179.49
sphinx hoogovens	35.19	56.69
hold aegon	139.24	10.43
stork hoogovens	208.72	48.12
sphinx abn	17.70	32.72
nat kluwer	295.83	249.42
elsevier ahold	294.94	72.30
bolswes wolters	55.78	130.98
oce polygram	174.64	177.31
nedlloyd kluwer	270.05	152.04
kbb hoogovens	49.40	251.46
elsevier draka	275.67	294.08
hunter vnu	34.04	187.33
akzo rodamco	198.58	294.16
ahold klm	198.93	199.75
akzo vnu	86.93	78.18
sphinx klm	103.32	159.08
elsevier bolswes	144.41	94.30
bolswes ahold	202.74	240.67
kbb nat	122.53	299.04
unilever pakhoed	263.31	163.58
kbb oce	65.81	163.93
wolters oce	126.34	51.93
amro macintosh	63.41	68.32
philips akzo	184.44	109.41
elsevier bolswes	52.37	293.70
pakhoed gist	252.41	228.61
ahold elsevier	158.62	277.11
stork nat	100.63	24.37
ing nat	130.30	244.46
nedlloyd pakhoed	188.36	267.03
ahold unilever	171.11	43.92
hunter ihc	197.07	15.87
dsm rodamco	173.65	279.18
kluwer hunter	163.81	252.36
fokker polygram	52.73	42.83
sphinx sphinx	14.50	213.54
ceteco klm	278.73	249.69
polygram akzo	197.29	225.34
aegon ing	210.90	270.13
fokker hold	115.88	235.91
elsevier stork	230.73	163.41
kluwer kluwer	62.86	48.94
ing kluwer	175.24	111.02
abn hoogovens	53.06	57.04
nat stork	70.38	49.98
hold nat	56.83	75.01
macintosh dsm	164.28	106.22
stork sphinx	133.45	173.23
ahold kluwer	260.65	27.90
elsevier ceteco	164.39	210.96
hold ihc	152.08	18.71
knp sphinx	86.68	169.67
hold draka	253.38	271.25
rodamco aegon	26.26	86.41
heineken ing	34.94	100.34
sphinx kbb	31.27	187.10
sphinx ahold	256.00	276.34
wolters amro	305.41	19.89
kbb bolswes	298.04	158.51
polygram ceteco	141.29	188.48
ceteco amro	198.11	128.33
oce pakhoed	53.71	85.47
pakhoed philips	182.14	22.85
kluwer heineken	213.04	25.66
hunter hoogovens	98.26	167.98
fokker bolswes	278.54	279.44
bolswes knp	250.18	211.88
gist klm	31.70	306.05
kbb klm	30.50	258.25
hunter macintosh	209.55	286.99
ihc hunter	54.03	99.68
aegon macintosh	238.02	159.28
vnu ing	291.14	150.99
heineken knp	65.25	48.86
abn abn	201.09	182.54
wolters fokker	94.95	303.87
gist ing	265.36	53.60
pakhoed kluwer	119.71	228.02
vnu klm	120.99	45.65
philips klm	254.35	13.89
oce ahold	193.90	195.72
dsm aegon	269.24	176.31
philips akzo	232.24	129.74
aegon amro	23.63	285.64
ahold draka	139.72	295.86
pakhoed kluwer	99.01	301.15
bolswes unilever	108.93	97.79
oce polygram	232.42	304.30
ing unilever	54.68	128.11
macintosh ihc	49.78	132.15
philips heineken	147.34	101.63
fokker stork	299.23	110.62
ihc hunter	46.18	288.74
fokker rodamco	84.49	187.85
heineken fokker	132.67	148.69
oce wolters	267.03	291.15
hunter rodamco	214.90	281.31
bolswes kluwer	98.58	170.23
ahold philips	269.91	132.00
kluwer amro	69.64	96.23
bolswes hunter	294.06	14.79
ing rodamco	161.69	28.40
draka aegon	179.93	233.38
nat wolters	111.76	48.23
polygram rodamco	142.35	180.36
ahold ahold	145.78	292.74
gist unilever	51.68	170.56
akzo ahold	111.90	187.88
ahold abn	167.19	174.33
amro heineken	13.83	281.78
gist kbb	270.35	250.95
stork polygram	144.15	78.15
rodamco kluwer	198.20	281.89
kluwer akzo	217.68	269.58
pakhoed ceteco	276.66	204.18
polygram akzo	204.79	70.88
draka nedlloyd	153.90	143.76
elsevier hold	164.73	152.44
fokker philips	233.60	148.77
unilever philips	279.00	73.50
hunter oce	308.36	122.91
pakhoed hoogovens	184.63	115.54
philips ihc	193.00	258.79
vnu dsm	307.54	15.61
klm klm	257.89	171.21
elsevier knp	95.89	299.64
pakhoed rodamco	62.28	30.54
dsm akzo	31.32	41.63
draka hoogovens	307.28	263.58
pakhoed gist	233.86	176.88
fokker macintosh	174.02	100.07
ing klm	12.94	140.54
heineken ceteco	224.71	261.25
kbb macintosh	138.94	247.40
nedlloyd unilever	307.49	173.05
nedlloyd kbb	271.11	167.84
ihc draka	126.09	83.62
ing nedlloyd	190.94	261.12
kbb klm	273.07	96.65
ceteco dsm	35.45	108.73
akzo nat	163.27	304.75
polygram bolswes	130.59	247.69
heineken bolswes	67.04	222.72
knp akzo	124.49	203.93
ceteco ceteco	43.66	220.94
dsm dsm	120.85	25.61
dsm elsevier	274.59	158.67
stork akzo	212.28	216.42
rodamco abn	96.89	17.38
amro hold	213.59	68.96
hoogovens knp	236.47	134.12
philips fokker	195.14	98.05
rodamco heineken	141.48	134.81
draka hoogovens	16.20	174.04
dsm fokker	15.62	167.60
klm aegon	258.25	256.22
bolswes unilever	51.50	236.19
kbb hold	58.32	126.04
kbb nedlloyd	163.91	33.18
ceteco nat	242.35	220.56
fokker nedlloyd	223.25	173.37
hoogovens elsevier	58.47	265.69
unilever stork	188.75	27.15
ihc oce	110.39	209.59
elsevier ceteco	141.91	253.76
nat kluwer	90.71	155.96
philips rodamco	219.76	134.70
heineken bolswes	14.24	197.39
nedlloyd wolters	95.61	92.10
bolswes wolters	99.65	245.84
elsevier kbb	69.13	183.53
knp nedlloyd	78.12	68.14
hold vnu	256.24	184.84
kbb nat	155.35	207.72
abn ihc	116.19	166.39
rodamco nedlloyd	135.06	112.73
abn elsevier	130.46	287.45
gist wolters	109.82	286.87
fokker bolswes	236.09	229.50
unilever amro	194.46	22.75
polygram hoogovens	259.00	29.57
akzo hoogovens	159.35	135.16
ceteco dsm	247.34	213.60
nedlloyd aegon	163.74	194.50
fokker nat	104.82	29.72
vnu macintosh	189.12	160.00
bolswes gist	24.03	81.64
knp kluwer	272.52	113.16
unilever akzo	219.78	61.96
dsm ihc	39.88	191.01
abn hold	262.45	285.49
heineken heineken	239.34	119.48
klm ahold	111.28	122.60
dsm ing	274.59	146.71
ing hoogovens	147.78	232.55
oce kluwer	138.24	76.41
dsm abn	208.96	196.82
dsm nat	145.11	301.17
wolters ahold	20.76	252.44
draka ceteco	265.55	35.81
vnu amro	131.33	225.35
pakhoed dsm	258.83	250.70
bolswes hoogovens	44.36	163.70
philips heineken	306.43	205.09
ceteco kluwer	152.46	271.18
aegon heineken	45.39	180.47
stork oce	270.43	140.39
ing pakhoed	201.64	213.88
dsm unilever	168.65	286.14
aegon akzo	159.89	142.58
hold ihc	192.03	228.11
philips vnu	204.41	190.18
vnu kbb	282.22	36.21
ceteco bolswes	199.54	229.14
stork kluwer	86.00	154.18
klm ceteco	93.44	85.39
wolters hoogovens	262.62	52.40
hunter vnu	289.81	107.07
aegon knp	93.55	190.13
draka abn	281.24	197.88
amro pakhoed	115.85	248.84
amro nedlloyd	182.55	250.42
akzo kbb	155.42	265.58
akzo kluwer	64.10	179.50
polygram stork	260.43	166.27
abn heineken	85.16	155.50
heineken akzo	34.58	99.06
klm klm	227.21	137.67
wolters sphinx	270.46	67.65
vnu akzo	227.28	207.50
knp wolters	282.87	64.63
akzo hold	11.30	202.02
knp gist	242.20	104.83
gist kbb	27.43	147.15
heineken rodamco	107.71	158.60
ihc kluwer	224.18	193.06
ing amro	284.40	210.38
aegon dsm	39.69	196.83
hold knp	186.33	304.28
hunter oce	142.85	273.45
ahold vnu	16.65	100.65
wolters nat	70.70	304.39
dsm dsm	90.18	292.08
vnu ihc	149.16	226.68
sphinx dsm	77.29	93.38
knp polygram	26.40	166.26
ceteco draka	37.23	174.94
draka unilever	106.10	171.27
akzo stork	151.50	96.00
nedlloyd sphinx	180.86	145.41
vnu knp	57.13	138.04
rodamco oce	65.50	281.29
abn fokker	180.04	38.11
macintosh nedlloyd	130.39	193.71
ceteco polygram	268.39	22.14
vnu ahold	234.78	53.04
wolters heineken	225.87	238.26
sphinx nat	60.16	118.54
nedlloyd elsevier	245.07	90.18
dsm hold	243.57	171.70
stork knp	240.82	170.50
ahold akzo	288.47	243.54
aegon philips	76.78	192.65
ihc hunter	174.96	203.48
kbb ihc	90.43	272.35
kbb amro	86.15	17.75
aegon polygram	247.29	47.11
draka kluwer	47.95	223.38
ceteco ahold	217.74	231.75
gist dsm	308.51	46.29
philips pakhoed	61.02	296.64
pakhoed hunter	71.55	134.64
nedlloyd kluwer	258.62	101.03
stork aegon	29.65	92.12
abn akzo	147.58	226.41
hold polygram	297.62	111.32
aegon fokker	153.83	109.82
kbb vnu	45.84	107.07
kbb nedlloyd	25.50	277.17
stork stork	33.56	249.74
pakhoed ihc	266.32	276.63
wolters ahold	242.28	198.58
bolswes sphinx	168.86	111.88
rodamco nat	109.02	35.07
polygram amro	247.94	75.54
akzo vnu	159.71	196.25
ing hold	73.94	182.40
dsm hoogovens	242.49	108.05
dsm nat	206.11	102.84
aegon wolters	61.09	18.62
philips dsm	125.94	196.12
nat abn	208.07	31.65
vnu pakhoed	270.45	43.73
ihc stork	98.27	239.75
gist unilever	65.59	182.69
abn vnu	302.04	157.72
amro ihc	59.49	138.93
vnu vnu	278.66	155.94
pakhoed pakhoed	55.85	260.61
oce pakhoed	209.59	93.67
hoogovens ihc	147.28	151.42
ceteco kbb	31.89	252.38
oce stork	148.59	303.96
ahold amro	171.47	69.12
fokker sphinx	130.14	33.05
ceteco akzo	76.48	69.81
kluwer akzo	251.20	109.04
pakhoed rodamco	250.62	102.60
amro philips	193.25	191.22
vnu hoogovens	286.50	171.19
ing unilever	293.32	61.04
nat dsm	98.91	268.18
vnu polygram	177.35	155.56
rodamco dsm	158.25	108.37
akzo rodamco	293.47	200.69
hoogovens gist	123.75	262.15
aegon hold	45.39	144.59
pakhoed vnu	76.91	188.76
polygram knp	25.71	90.96
fokker ceteco	154.76	69.70
akzo unilever	249.24	132.39
nat philips	83.23	141.99
polygram rodamco	86.35	83.69
sphinx vnu	110.46	231.57
ing amro	196.30	15.25
pakhoed akzo	40.16	86.58
unilever klm	160.57	86.31
ahold abn	264.92	210.73
polygram hold	216.19	278.36
dsm unilever	299.56	196.60
unilever akzo	189.10	28.43
wolters unilever	214.45	259.02
ing draka	127.45	162.45
hold ing	168.84	268.35
pakhoed amro	234.93	228.57
nat draka	144.22	183.85
heineken vnu	104.14	230.50
klm heineken	177.63	87.01
macintosh elsevier	249.89	160.81
rodamco knp	194.98	114.86
klm ing	242.55	34.34
pakhoed nat	44.44	293.33
nedlloyd ihc	41.39	121.45
aegon ihc	29.70	270.56
vnu macintosh	27.88	181.40
fokker aegon	143.35	150.26
kbb wolters	39.06	95.67
heineken vnu	100.21	25.03
amro klm	100.86	101.30
ceteco stork	170.65	309.67
macintosh gist	161.43	24.21
ceteco hold	113.94	174.55
pakhoed fokker	24.47	212.55
ahold nat	111.54	78.95
hunter knp	82.56	270.03
abn unilever	100.50	304.33
knp vnu	150.53	89.24
pakhoed rodamco	206.74	287.73
kbb pakhoed	298.76	184.99
wolters stork	178.42	255.09
hunter gist	86.48	127.66
pakhoed hoogovens	219.23	54.54
gist amro	95.20	176.49
akzo draka	221.77	289.80
rodamco abn	61.93	112.98
abn fokker	100.86	53.45
philips heineken	212.62	74.17
nat amro	26.86	260.32
ihc knp	95.41	85.97
unilever philips	259.03	280.76
aegon rodamco	14.00	96.53
abn hoogovens	278.85	174.04
sphinx kbb	260.99	209.57
wolters nedlloyd	223.37	121.64
vnu wolters	251.18	217.67
kluwer hoogovens	118.50	60.60
abn pakhoed	254.96	235.64
hunter oce	212.40	116.85
kbb heineken	31.57	33.86
pakhoed knp	308.77	38.52
aegon ahold	62.51	71.59
aegon aegon	200.20	29.34
draka heineken	284.80	30.30
kluwer kluwer	301.51	281.88
nedlloyd macintosh	224.38	247.04
fokker polygram	83.06	110.96
polygram dsm	229.39	47.73
oce hunter	304.12	286.96
pakhoed philips	203.54	180.52
draka unilever	46.17	169.13
kbb ahold	39.41	49.11
nat macintosh	246.24	138.96
klm gist	251.83	246.09
kbb fokker	230.26	33.47
rodamco kluwer	111.16	186.29
bolswes akzo	146.38	178.61
aegon sphinx	176.67	140.06
aegon amro	298.31	222.51
ing aegon	229.83	166.68
hoogovens kluwer	52.76	294.01
wolters hold	169.16	174.91
akzo polygram	10.24	210.13
ahold klm	294.54	240.42
oce klm	29.45	62.06
elsevier knp	177.94	293.58
sphinx unilever	25.20	142.38
knp oce	45.30	171.42
pakhoed stork	167.86	165.91
hunter bolswes	44.75	199.89
vnu dsm	116.70	103.01
rodamco philips	180.01	27.12
dsm hold	253.19	12.96
abn nat	143.66	56.83
sphinx kbb	114.38	77.23
nat abn	250.52	81.59
ceteco dsm	26.18	232.86
ing vnu	170.97	216.23
ahold wolters	236.74	305.77
dsm hoogovens	264.25	231.12
kluwer ahold	249.78	44.12
oce ceteco	111.85	285.51
pakhoed nat	157.87	251.59
stork akzo	250.81	60.89
rodamco knp	75.85	220.80
hunter ahold	207.06	194.30
sphinx hoogovens	74.07	166.55
oce ahold	28.73	11.65
polygram ahold	11.79	259.22
ihc klm	219.55	261.11
knp polygram	170.51	158.06
polygram klm	72.09	46.36
aegon oce	287.25	244.55
rodamco hoogovens	101.17	260.02
wolters aegon	287.94	55.73
ahold nat	177.17	16.88
stork elsevier	20.72	217.53
nedlloyd unilever	259.34	187.32
ceteco heineken	89.31	78.10
stork hunter	129.17	230.60
ing nat	186.30	41.13
philips polygram	223.68	28.20
ing kbb	26.50	199.23
pakhoed hunter	268.82	117.17
bolswes ceteco	180.27	67.20
nat rodamco	212.71	23.41
sphinx aegon	106.89	15.42
klm oce	159.08	95.09
gist kbb	287.82	203.15
stork nat	200.51	235.90
macintosh aegon	60.12	11.86
Beurs weer flauw gestemd
Wall Street werkt verlies weg
Dollarkoers blijft laag
AMSTERDAM (ANP) — Opnieuw was Beursplein 5 flauw gestemd. De AEX-index verloor twee punten en sloot op 399. In de hoofdfondsen werden overwegend lagere koersen genoteerd. De omzet bleef bescheiden. Analisten wezen op de zwakke obligatiemarkt en de onzekerheid over de Amerikaanse rente. Koninklijke Olie en Unilever lagen onder druk, terwijl Philips licht wist te stijgen. Bij de banken was de stemming eveneens gedrukt. De lokale markt bood een gemengd beeld, met enkele uitschieters naar boven en naar beneden. Op de optiebeurs werd vooral in puts op de index gehandeld. AMSTERDAM (ANP) — Opnieuw was Beursplein 5 flauw gestemd. De AEX-index verloor twee punten en sloot op 399. In de hoofdfondsen werden overwegend lagere koersen genoteerd. De omzet bleef bescheiden. Analisten wezen op de zwakke obligatiemarkt en de onzekerheid over de Amerikaanse rente. Koninklijke Olie en Unilever lagen onder druk, terwijl Philips licht wist te stijgen. Bij de banken was de stemming eveneens gedrukt. De lokale markt bood een gemengd beeld, met enkele uitschieters naar boven en naar beneden. Op de optiebeurs werd vooral in puts op de index gehandeld. AMSTERDAM (ANP) — Opnieuw was Beursplein 5 flauw gestemd. De AEX-index verloor twee punten en sloot op 399. In de hoofdfondsen werden overwegend lagere koersen genoteerd. De omzet bleef bescheiden. Analisten wezen op de zwakke obligatiemarkt en de onzekerheid over de Amerikaanse rente. Koninklijke Olie en Unilever lagen onder druk, terwijl Philips licht wist te stijgen. Bij de banken was de stemming eveneens gedrukt. De lokale markt bood een gemengd beeld, met enkele uitschieters naar boven en naar beneden. Op de optiebeurs werd vooral in puts op de index gehandeld. AMSTERDAM (ANP) — Opnieuw was Beursplein 5 flauw gestemd. De AEX-index verloor twee punten en sloot op 399. In de hoofdfondsen werden overwegend lagere koersen genoteerd. De omzet bleef bescheiden. Analisten wezen op de zwakke obligatiemarkt en de onzekerheid over de Amerikaanse rente. Koninklijke Olie en Unilever lagen onder druk, terwijl Philips licht wist te stijgen. Bij de banken was de stemming eveneens gedrukt. De lokale markt bood een gemengd beeld, met enkele uitschieters naar boven en naar beneden. Op de optiebeurs werd vooral in puts op de index gehandeld. AMSTERDAM (ANP) — Opnieuw was Beursplein 5 flauw gestemd. De AEX-index verloor twee punten en sloot op 399. In de hoofdfondsen werden overwegend lagere koersen genoteerd. De omzet bleef bescheiden. Analisten wezen op de zwakke obligatiemarkt en de onzekerheid over de Amerikaanse rente. Koninklijke Olie en Unilever lagen onder druk, terwijl Philips licht wist te stijgen. Bij de banken was de stemming eveneens gedrukt. De lokale markt bood een gemengd beeld, met enkele uitschieters naar boven en naar beneden. Op de optiebeurs werd vooral in puts op de index gehandeld.
NEW YORK (AFP/RTR) — Op de effectenbeurs van New York heeft de Dow Jones-index gisteren een aanvankelijk verlies weggewerkt. Bij het slot stond de graadmeter vrijwel op het niveau van de vorige dag. De handel verliep rustig. Beleggers wachten op nieuwe economische gegevens en op aanwijzingen over het rentebeleid van de Federal Reserve. Technologiefondsen waren in trek, terwijl de cyclische aandelen iets terrein prijsgaven. Op de obligatiemarkt daalde de rente op de lange termijn licht. NEW YORK (AFP/RTR) — Op de effectenbeurs van New York heeft de Dow Jones-index gisteren een aanvankelijk verlies weggewerkt. Bij het slot stond de graadmeter vrijwel op het niveau van de vorige dag. De handel verliep rustig. Beleggers wachten op nieuwe economische gegevens en op aanwijzingen over het rentebeleid van de Federal Reserve. Technologiefondsen waren in trek, terwijl de cyclische aandelen iets terrein prijsgaven. Op de obligatiemarkt daalde de rente op de lange termijn licht. NEW YORK (AFP/RTR) — Op de effectenbeurs van New York heeft de Dow Jones-index gisteren een aanvankelijk verlies weggewerkt. Bij het slot stond de graadmeter vrijwel op het niveau van de vorige dag. De handel verliep rustig. Beleggers wachten op nieuwe economische gegevens en op aanwijzingen over het rentebeleid van de Federal Reserve. Technologiefondsen waren in trek, terwijl de cyclische aandelen iets terrein prijsgaven. Op de obligatiemarkt daalde de rente op de lange termijn licht. NEW YORK (AFP/RTR) — Op de effectenbeurs van New York heeft de Dow Jones-index gisteren een aanvankelijk verlies weggewerkt. Bij het slot stond de graadmeter vrijwel op het niveau van de vorige dag. De handel verliep rustig. Beleggers wachten op nieuwe economische gegevens en op aanwijzingen over het rentebeleid van de Federal Reserve. Technologiefondsen waren in trek, terwijl de cyclische aandelen iets terrein prijsgaven. Op de obligatiemarkt daalde de rente op de lange termijn licht. NEW YORK (AFP/RTR) — Op de effectenbeurs van New York heeft de Dow Jones-index gisteren een aanvankelijk verlies weggewerkt. Bij het slot stond de graadmeter vrijwel op het niveau van de vorige dag. De handel verliep rustig. Beleggers wachten op nieuwe economische gegevens en op aanwijzingen over het rentebeleid van de Federal Reserve. Technologiefondsen waren in trek, terwijl de cyclische aandelen iets terrein prijsgaven. Op de obligatiemarkt daalde de rente op de lange termijn licht.
AMSTERDAM (ANP) — De dollar is gisteren op een laag niveau blijven. De koers bewoog zich in een smalle marge. Handelaren wezen op de aanhoudende zorgen over het Amerikaanse handelstekort. De Duitse mark bleef stabiel ten opzichte van de gulden. Ook de Japanse yen noteerde weinig veranderd. Valutahandelaren verwachten op korte termijn geen grote koersbewegingen. AMSTERDAM (ANP) — De dollar is gisteren op een laag niveau blijven. De koers bewoog zich in een smalle marge. Handelaren wezen op de aanhoudende zorgen over het Amerikaanse handelstekort. De Duitse mark bleef stabiel ten opzichte van de gulden. Ook de Japanse yen noteerde weinig veranderd. Valutahandelaren verwachten op korte termijn geen grote koersbewegingen. AMSTERDAM (ANP) — De dollar is gisteren op een laag niveau blijven. De koers bewoog zich in een smalle marge. Handelaren wezen op de aanhoudende zorgen over het Amerikaanse handelstekort. De Duitse mark bleef stabiel ten opzichte van de gulden. Ook de Japanse yen noteerde weinig veranderd. Valutahandelaren verwachten op korte termijn geen grote koersbewegingen. AMSTERDAM (ANP) — De dollar is gisteren op een laag niveau blijven. De koers bewoog zich in een smalle marge. Handelaren wezen op de aanhoudende zorgen over het Amerikaanse handelstekort. De Duitse mark bleef stabiel ten opzichte van de gulden. Ook de Japanse yen noteerde weinig veranderd. Valutahandelaren verwachten op korte termijn geen grote koersbewegingen. AMSTERDAM (ANP) — De dollar is gisteren op een laag niveau blijven. De koers bewoog zich in een smalle marge. Handelaren wezen op de aanhoudende zorgen over het Amerikaanse handelstekort. De Duitse mark bleef stabiel ten opzichte van de gulden. Ook de Japanse yen noteerde weinig veranderd. Valutahandelaren verwachten op korte termijn geen grote koersbewegingen.
Aanvoer op de veilingen was gisteren ruim. De prijzen voor groenten en fruit bleven op een redelijk peil. In de bloemenhandel werd een gemiddelde prijs genoteerd. Bij de varkensmarkt bleven de noteringen onveranderd. Aanvoer op de veilingen was gisteren ruim. De prijzen voor groenten en fruit bleven op een redelijk peil. In de bloemenhandel werd een gemiddelde prijs genoteerd. Bij de varkensmarkt bleven de noteringen onveranderd. Aanvoer op de veilingen was gisteren ruim. De prijzen voor groenten en fruit bleven op een redelijk peil. In de bloemenhandel werd een gemiddelde prijs genoteerd. Bij de varkensmarkt bleven de noteringen onveranderd. Aanvoer op de veilingen was gisteren ruim. De prijzen voor groenten en fruit bleven op een redelijk peil. In de bloemenhandel werd een gemiddelde prijs genoteerd. Bij de varkensmarkt bleven de noteringen onveranderd. Aanvoer op de veilingen was gisteren ruim. De prijzen voor groenten en fruit bleven op een redelijk peil. In de bloemenhandel werd een gemiddelde prijs genoteerd. Bij de varkensmarkt bleven de noteringen onveranderd. Aanvoer op de veilingen was gisteren ruim. De prijzen voor groenten en fruit bleven op een redelijk peil. In de bloemenhandel werd een gemiddelde prijs genoteerd. Bij de varkensmarkt bleven de noteringen onveranderd.
gist amro macintosh heineken 239.66 nat sphinx 79.24 ing hold hoogovens amro bolswes akzo vnu philips pakhoed amro abn heineken heineken abn philips klm 291.99 aegon wolters philips hoogovens knp 140.29 nat sphinx sphinx 68.78 macintosh 240.43 dsm klm kluwer kbb ing elsevier hold dsm ceteco pakhoed gist hold rodamco elsevier hoogovens abn knp hunter nat ahold hold rodamco ing hoogovens philips polygram draka 105.30 draka nat oce sphinx 59.74 nat polygram 263.52 ihc polygram vnu 300.65 107.67 sphinx hunter nedlloyd 185.96 109.44 rodamco heineken wolters 189.37 ceteco macintosh fokker 75.06 nat stork rodamco gist 237.73 160.39 macintosh rodamco 330.83 rodamco kbb 230.90 ihc nat sphinx draka ing philips 65.64 elsevier amro knp aegon unilever aegon 87.62 kbb klm philips kluwer draka stork oce knp ceteco hoogovens knp kluwer 364.89 dsm hoogovens hoogovens sphinx elsevier kluwer klm ing 76.21 philips rodamco vnu kluwer vnu hunter fokker aegon philips kluwer kluwer nat 23.44 draka oce 392.65 vnu vnu hold amro ceteco 186.62 pakhoed rodamco bolswes klm 210.19 bolswes kluwer ceteco hunter ahold 377.00 knp akzo unilever 251.17 pakhoed nat 12.97 akzo kbb 348.85 bolswes 132.85 unilever gist vnu fokker rodamco nat knp hoogovens amro hoogovens polygram 96.10 heineken ihc nedlloyd ceteco ceteco ihc pakhoed kluwer oce hoogovens kluwer ahold ahold dsm polygram wolters aegon 196.53 65.69 hoogovens 222.53 gist stork 378.16 akzo wolters sphinx sphinx kbb akzo nedlloyd hold 156.15 196.92 polygram polygram 292.05 138.58 polygram polygram kbb 300.81 kbb fokker 297.18 philips hunter ceteco nedlloyd oce akzo amro 359.92 sphinx rodamco 46.41 rodamco hoogovens macintosh gist 119.79 wolters elsevier stork philips amro akzo hunter knp polygram abn hoogovens macintosh kluwer 57.16 draka aegon 146.12 polygram 205.02 hoogovens fokker 258.17 dsm philips knp klm 142.66 macintosh 64.93 polygram nat ahold pakhoed sphinx 68.77 gist elsevier sphinx aegon aegon ihc 159.07 wolters rodamco sphinx philips draka hold polygram wolters hunter ahold nat hold vnu polygram nat fokker fokker abn polygram hoogovens heineken wolters sphinx kluwer 344.44 ceteco 115.27 ceteco hunter hunter vnu 199.34 philips stork 80.89 polygram rodamco 92.08 gist nedlloyd pakhoed dsm rodamco aegon unilever dsm aegon aegon elsevier hoogovens 313.38 philips oce stork fokker macintosh kbb kbb vnu nedlloyd ceteco dsm 123.54 elsevier abn 11.27 unilever hold kbb sphinx 103.98 42.28 abn fokker dsm ahold draka heineken elsevier knp ihc macintosh gist elsevier unilever draka aegon heineken klm stork ing elsevier abn kbb hold ihc heineken fokker sphinx heineken ahold pakhoed 48.78 vnu sphinx fokker sphinx unilever ihc hunter bolswes 130.48 101.28 akzo akzo bolswes kbb klm unilever philips 178.84 pakhoed 18.81
kbb 143.39 vnu polygram aegon wolters 113.26 kluwer 168.46 ihc nat 216.06 135.63 elsevier gist 74.59 stork draka bolswes kbb vnu fokker 266.74 ihc 2.59 heineken sphinx unilever rodamco philips rodamco amro knp draka sphinx elsevier fokker sphinx fokker nat polygram hunter philips nat 95.25 ihc pakhoed 365.07 92.05 hold dsm rodamco fokker hoogovens nedlloyd ihc kluwer draka kbb polygram stork hold elsevier ihc aegon amro fokker pakhoed 239.03 kbb abn sphinx fokker klm kluwer wolters rodamco bolswes fokker philips ceteco vnu oce rodamco hunter macintosh ceteco 165.21 ing philips bolswes 175.18 hoogovens rodamco bolswes 267.46 kluwer draka rodamco ihc oce unilever abn unilever wolters nat ihc unilever macintosh hoogovens ing abn dsm klm ing hunter macintosh ihc wolters hold ahold ceteco sphinx wolters hold gist bolswes 294.56 ing macintosh hoogovens aegon nedlloyd vnu stork vnu kbb 204.27 ing nat dsm abn gist ing fokker macintosh klm klm sphinx kluwer ceteco 344.52 bolswes 329.76 kbb akzo oce hoogovens pakhoed klm polygram hold nedlloyd bolswes hold 167.08 polygram fokker hunter oce aegon ihc unilever gist kbb vnu philips fokker 117.39 polygram gist fokker hold fokker vnu vnu 206.47 ing fokker vnu ihc abn unilever stork vnu draka kbb kbb bolswes knp nedlloyd nat heineken stork oce sphinx polygram ihc 313.18 aegon 295.94 ahold klm sphinx akzo oce macintosh elsevier 289.55 draka bolswes abn rodamco 5.51 knp kbb 172.87 hunter hold klm hunter macintosh oce nat bolswes nat draka wolters hunter philips bolswes ceteco oce vnu draka ing klm gist oce polygram 178.38 24.29 82.13 312.40 stork 391.46 kluwer nedlloyd abn amro dsm 332.35 292.25 elsevier aegon ihc bolswes 258.42 260.29 dsm 149.23 aegon 313.07 amro sphinx sphinx dsm dsm akzo kbb philips knp wolters abn 66.44 214.41 wolters 351.08 gist 31.79 ihc 347.88 abn heineken kbb kbb 249.44 vnu bolswes fokker 53.66 sphinx klm amro abn 114.48 283.43 hoogovens vnu 126.09 kbb 94.87 98.39 gist macintosh kbb hold 282.66 polygram aegon amro knp heineken nedlloyd 350.53 akzo kbb polygram heineken macintosh klm hoogovens hunter kbb knp oce nedlloyd kbb kluwer gist dsm 41.27 bolswes wolters macintosh gist nedlloyd elsevier ahold rodamco nedlloyd vnu 257.37 draka rodamco hunter bolswes 305.02 hold vnu 84.73 hold kluwer nat amro dsm polygram knp aegon 334.94 ing heineken hoogovens nedlloyd vnu sphinx macintosh aegon 151.82 vnu oce draka 216.12 draka 189.01 142.73 199.75 kbb heineken 180.69 fokker nat rodamco macintosh draka knp gist sphinx 367.94 kluwer nat abn fokker abn abn vnu aegon klm ihc kluwer abn stork klm ceteco 286.02 dsm 242.45 sphinx 157.72 ahold aegon stork 126.54 kbb aegon 329.70 amro elsevier macintosh nat vnu ihc 353.12 375.98 rodamco amro ihc nat nat unilever gist kbb gist ahold
201.49 ing amro kluwer kluwer philips aegon pakhoed hoogovens 379.48 20.25 386.53 rodamco 115.38 361.91 sphinx rodamco philips 124.14 polygram draka klm rodamco knp 113.18 pakhoed stork aegon hold 183.26 kluwer wolters hold vnu ihc stork hunter 343.12 abn ceteco ahold pakhoed nat ing knp oce rodamco ing ihc 168.10 amro bolswes knp elsevier 369.45 sphinx abn ihc 297.94 81.51 hold 378.26 macintosh macintosh pakhoed stork ceteco sphinx gist kluwer vnu wolters 292.11 draka ceteco kluwer elsevier dsm nedlloyd 382.40 amro vnu wolters pakhoed klm gist sphinx amro knp aegon gist gist akzo sphinx gist draka ceteco nat sphinx ihc ihc amro kluwer dsm 167.77 klm 338.60 klm 137.42 nedlloyd 18.53 22.67 pakhoed ahold 304.23 sphinx wolters 315.41 hunter pakhoed unilever hold wolters elsevier ahold hold 60.07 dsm bolswes ihc knp 379.53 stork sphinx ceteco polygram polygram polygram abn pakhoed klm hold macintosh ceteco ing aegon akzo 90.20 polygram kluwer 327.31 265.61 ing ceteco bolswes kluwer 123.75 ihc ceteco macintosh philips stork draka 283.18 ahold klm dsm ihc kbb ahold elsevier bolswes nat 157.08 gist philips kbb ceteco 221.81 ihc kluwer vnu 272.11 abn wolters draka wolters ahold philips nedlloyd heineken 353.81 ihc ing ing heineken philips macintosh akzo rodamco 2.18 unilever 242.14 nedlloyd oce bolswes heineken nat kluwer akzo abn vnu akzo unilever oce aegon fokker abn sphinx kluwer knp 252.06 pakhoed akzo ihc ing vnu macintosh 392.15 abn dsm knp abn rodamco sphinx 344.17 nat klm 294.86 kluwer nat akzo ahold heineken dsm nedlloyd kluwer klm oce kbb pakhoed ahold unilever knp sphinx ceteco ihc elsevier sphinx ceteco oce aegon polygram wolters ihc gist nedlloyd akzo stork ceteco ing 174.66 sphinx ihc wolters stork ahold abn stork kluwer philips nedlloyd ceteco hunter stork 363.89 ing amro polygram gist nat 226.99 pakhoed 150.09 286.33 abn hold fokker sphinx kbb knp 3.78 87.34 175.43 unilever elsevier macintosh hold rodamco sphinx ahold sphinx abn draka kluwer vnu heineken sphinx kluwer oce nat nat rodamco macintosh ahold ihc rodamco abn ceteco hoogovens amro 40.30 amro unilever hoogovens 327.64 vnu unilever 303.02 198.52 elsevier hoogovens kbb aegon ing ihc dsm fokker ihc amro klm amro macintosh 124.37 28.51 282.85 wolters ahold 396.50 klm klm akzo pakhoed 95.39 fokker hunter elsevier hunter fokker 165.90 elsevier unilever 128.94 ing rodamco gist vnu ahold stork elsevier pakhoed 129.15 pakhoed 22.62 77.37 dsm ceteco philips amro klm hoogovens fokker abn abn hold philips hoogovens rodamco aegon abn 132.08 sphinx oce dsm rodamco 11.21 ceteco hunter ihc polygram kbb ing wolters stork ceteco polygram oce vnu philips aegon hoogovens ihc kbb knp ahold rodamco abn klm 108.88 322.90 akzo elsevier macintosh wolters 359.65 aegon dsm macintosh heineken
elsevier macintosh bolswes bolswes wolters heineken oce heineken abn 32.67 unilever philips aegon polygram ing draka 189.01 11.46 pakhoed rodamco sphinx polygram gist kbb 223.77 aegon oce bolswes philips 209.28 elsevier rodamco ahold heineken ing 285.97 philips ceteco rodamco ihc aegon amro oce kluwer stork 389.09 sphinx knp philips elsevier 35.09 stork stork abn vnu 60.93 237.71 macintosh nat ahold 357.97 gist ing pakhoed hoogovens hunter heineken akzo kbb heineken pakhoed 34.98 heineken hoogovens oce aegon 136.13 aegon kluwer wolters 188.90 wolters elsevier pakhoed ihc kluwer hoogovens hunter abn 309.49 bolswes 2.54 kbb sphinx bolswes ihc oce wolters sphinx ihc draka 285.08 18.23 hunter klm pakhoed macintosh dsm 329.49 stork vnu 12.89 299.96 ceteco oce elsevier fokker draka ahold fokker 374.22 nat akzo hunter nedlloyd elsevier ing wolters 313.51 302.22 stork 120.37 226.36 unilever akzo nedlloyd rodamco klm vnu 72.83 unilever heineken wolters kbb akzo klm draka elsevier ihc wolters oce 186.69 kluwer nat wolters amro ceteco 154.74 wolters stork 133.21 fokker 64.12 285.75 philips gist macintosh stork 360.56 46.39 ceteco aegon ihc kluwer ing heineken heineken heineken 326.23 gist pakhoed ihc hold pakhoed kluwer ahold kluwer stork aegon gist ceteco bolswes 64.84 hunter bolswes hunter rodamco oce philips 227.35 nat knp pakhoed heineken oce polygram amro 192.98 knp vnu philips ahold draka rodamco hunter hoogovens vnu sphinx heineken philips sphinx 70.68 oce abn klm polygram aegon rodamco heineken macintosh vnu hunter heineken heineken 110.29 amro kluwer amro 273.35 draka aegon philips elsevier akzo vnu 36.69 kbb polygram pakhoed heineken polygram rodamco 288.50 kbb wolters 194.13 akzo 397.47 oce nedlloyd 267.29 knp amro oce akzo ing sphinx stork gist klm kbb 110.56 65.11 wolters amro oce oce ahold kbb heineken nedlloyd nedlloyd rodamco vnu ceteco 113.37 bolswes knp 244.92 nedlloyd unilever 106.10 hunter unilever aegon 130.89 bolswes 350.69 klm unilever vnu ahold dsm hunter macintosh ahold abn 52.17 polygram nat elsevier ceteco oce klm gist elsevier macintosh 112.49 ceteco hoogovens gist rodamco 270.43 nedlloyd elsevier kluwer akzo bolswes gist ing oce rodamco 165.32 amro elsevier draka ing 40.54 rodamco 314.66 elsevier philips rodamco nat 140.92 stork oce gist aegon heineken heineken bolswes abn macintosh fokker nat nedlloyd klm klm abn philips polygram knp ihc heineken stork oce heineken hunter sphinx hold hold 158.05 kbb stork stork dsm polygram vnu 335.38 rodamco macintosh knp nedlloyd pakhoed oce sphinx pakhoed pakhoed dsm 114.04 ceteco fokker 115.96 ing stork heineken pakhoed hoogovens ing 10.57 371.30 aegon gist ihc kluwer kbb heineken kbb 101.53 236.33 hunter 302.22 dsm ceteco 276.98 gist 398.02 159.15 elsevier pakhoed
hunter 51.09 klm kbb vnu 61.89 fokker nat macintosh 85.85 macintosh ihc gist wolters klm kluwer sphinx hold kluwer wolters hoogovens 212.07 vnu nedlloyd 334.36 hoogovens philips hunter 40.63 aegon draka philips nedlloyd akzo stork sphinx rodamco aegon kbb oce 73.02 99.79 dsm wolters wolters akzo ahold ahold rodamco oce abn 68.34 kluwer sphinx akzo knp dsm pakhoed wolters hunter dsm vnu 142.27 rodamco kluwer 50.98 ihc 29.22 stork 391.00 nedlloyd nat 320.70 ceteco 21.57 ing wolters ahold draka dsm kbb kluwer 319.70 358.82 knp pakhoed vnu stork 321.08 387.36 gist hunter 262.74 sphinx gist oce 24.98 162.04 2.39 ihc bolswes knp wolters polygram gist 236.30 pakhoed rodamco klm wolters pakhoed 3.12 kluwer 175.59 14.30 nedlloyd kbb ceteco heineken stork philips ing aegon 158.96 bolswes 247.48 akzo pakhoed macintosh bolswes kluwer nat hold 392.53 knp 122.21 vnu gist pakhoed stork nat macintosh elsevier 377.55 189.09 395.29 unilever abn hoogovens 213.49 sphinx 107.78 unilever 222.64 philips 256.85 dsm rodamco nedlloyd 4.27 klm pakhoed 222.86 ceteco ceteco amro aegon abn rodamco gist klm unilever 384.83 draka sphinx dsm ceteco 326.92 abn aegon klm 48.01 hold hunter aegon klm aegon 338.27 hunter abn fokker wolters vnu sphinx hunter klm 212.56 pakhoed ceteco fokker heineken elsevier heineken fokker oce 53.52 rodamco klm 37.54 380.37 bolswes vnu vnu 172.23 261.14 oce ihc pakhoed kluwer fokker 247.71 289.30 350.22 amro 312.82 91.04 263.90 akzo 228.15 hold macintosh hoogovens stork kluwer kluwer knp 192.12 macintosh nat pakhoed wolters 284.01 heineken ihc oce ihc 39.69 203.91 pakhoed bolswes oce oce sphinx philips 33.30 hoogovens klm 327.20 ihc sphinx 172.95 abn hunter heineken klm ahold nat kbb ahold oce abn 46.46 nedlloyd heineken nat nedlloyd hunter rodamco heineken sphinx nedlloyd nedlloyd 62.78 fokker ahold nat 322.13 kluwer ihc wolters klm rodamco hold aegon stork aegon draka kluwer aegon dsm 274.32 akzo abn dsm heineken macintosh hoogovens aegon oce 130.09 135.05 unilever ceteco macintosh oce ihc vnu kluwer macintosh kluwer hunter heineken 152.63 344.83 knp klm elsevier nedlloyd hold 3.00 ceteco ihc ceteco ceteco akzo hold draka ceteco elsevier abn elsevier wolters abn bolswes amro akzo bolswes gist nedlloyd stork gist 127.40 klm stork heineken aegon gist kluwer ing kbb unilever hunter bolswes polygram nedlloyd 40.90 hold ceteco philips kluwer fokker macintosh unilever 32.86 pakhoed bolswes draka kbb 228.04 vnu rodamco stork bolswes nat nat hold 83.38 vnu draka 392.09 knp heineken klm vnu wolters vnu knp oce 362.68 dsm ceteco macintosh heineken klm bolswes abn sphinx 299.93 macintosh amro nedlloyd rodamco sphinx ihc 295.57 390.66 203.85 vnu philips draka aegon aegon 343.50 knp macintosh fokker 21.79 ing abn amro amro ihc
stork philips 366.23 390.74 unilever akzo vnu sphinx 279.96 nedlloyd 111.28 hoogovens kbb hold ahold nedlloyd vnu klm elsevier amro vnu nat hunter oce 44.95 pakhoed 332.24 oce ihc nat nedlloyd ihc bolswes hunter hoogovens heineken kluwer unilever ceteco sphinx 307.06 polygram philips 204.05 ing 51.01 ahold ceteco wolters 253.58 akzo 362.27 hold 360.67 ing vnu nat sphinx 166.76 aegon knp draka amro 7.00 oce unilever nedlloyd 46.60 abn hold hunter fokker knp 81.31 gist 259.14 ceteco stork rodamco bolswes gist aegon stork macintosh kbb heineken draka dsm wolters elsevier 290.98 aegon unilever sphinx ceteco rodamco gist 116.46 8.05 hunter 254.18 rodamco ahold abn amro 96.90 rodamco hunter hunter 245.14 nedlloyd 393.34 nedlloyd 60.87 fokker kluwer unilever bolswes vnu bolswes macintosh kluwer dsm ahold akzo 36.47 vnu knp pakhoed nat hold ahold hunter unilever ing 97.62 18.01 41.70 nedlloyd bolswes ihc unilever ihc 22.09 oce bolswes fokker sphinx hold 209.89 abn 28.86 polygram unilever hoogovens fokker wolters wolters elsevier aegon hoogovens bolswes 381.60 ceteco amro sphinx klm bolswes 3.96 knp macintosh nedlloyd dsm 368.49 nedlloyd ahold fokker 143.07 knp sphinx hold stork 266.85 nat 251.26 kluwer ing heineken ahold oce hold 131.88 macintosh elsevier macintosh 321.28 amro rodamco abn ihc oce sphinx ing abn oce 341.27 ihc dsm macintosh polygram akzo 390.80 gist pakhoed wolters aegon dsm kbb ihc sphinx heineken heineken kbb amro 107.37 ahold ceteco 58.67 macintosh unilever hoogovens 277.70 ing macintosh kbb 218.54 philips hold aegon 49.08 unilever akzo 159.65 aegon heineken kluwer nedlloyd ing pakhoed dsm philips kbb hoogovens 367.12 nat sphinx kluwer nat ceteco 253.68 fokker ihc unilever nat wolters polygram heineken hoogovens ihc 188.08 klm rodamco 217.16 sphinx gist kbb hold oce hold bolswes nedlloyd philips nedlloyd oce klm akzo oce draka ahold hold dsm hold wolters hold klm ihc hunter hoogovens oce hunter macintosh 22.59 sphinx unilever hold ceteco polygram akzo 143.95 sphinx vnu gist aegon polygram 235.45 190.83 amro kbb akzo macintosh 134.36 aegon amro nedlloyd 185.49 abn heineken sphinx elsevier philips 207.85 hold akzo 146.81 385.73 aegon macintosh nedlloyd nedlloyd nedlloyd fokker 263.88 74.81 hunter kbb hold unilever hoogovens dsm ing fokker pakhoed vnu ahold philips vnu akzo ihc pakhoed 249.50 aegon elsevier abn sphinx stork draka 164.27 fokker sphinx elsevier bolswes 32.50 wolters 128.02 157.88 pakhoed nedlloyd hoogovens nat fokker sphinx sphinx amro rodamco nedlloyd stork stork akzo aegon ihc philips ihc polygram bolswes unilever kluwer nedlloyd oce kluwer hold polygram hunter rodamco philips aegon 237.43 46.71 hoogovens macintosh rodamco amro elsevier gist wolters draka 104.34 ihc ahold 160.58 127.48 hoogovens sphinx philips ihc 128.63 122.69 akzo draka stork heineken 259.64 elsevier
